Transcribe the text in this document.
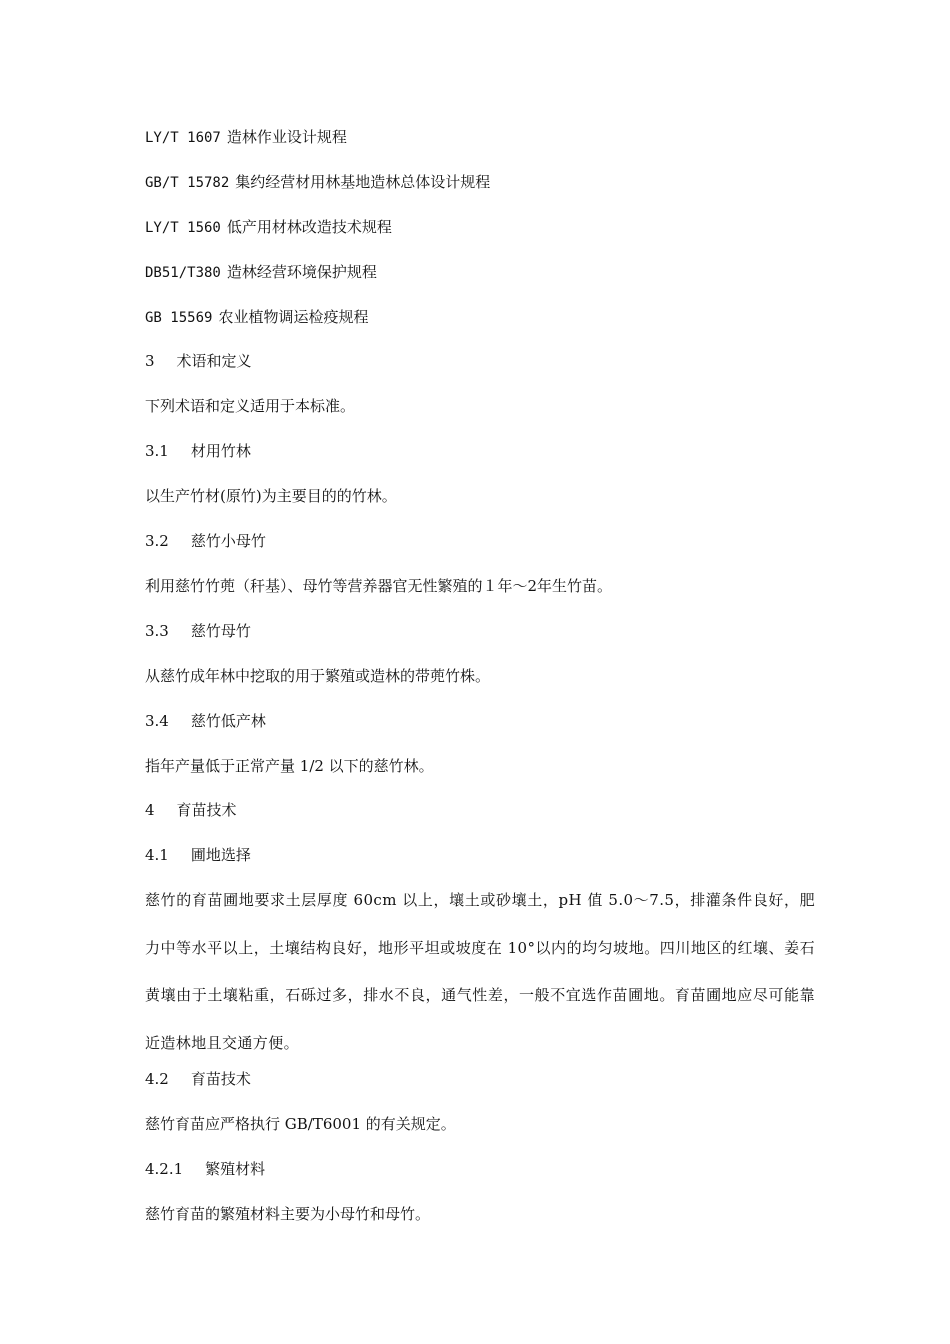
LY/T 1607 造林作业设计规程
GB/T 15782 集约经营材用林基地造林总体设计规程
LY/T 1560 低产用材林改造技术规程
DB51/T380 造林经营环境保护规程
GB 15569 农业植物调运检疫规程
3 术语和定义
下列术语和定义适用于本标准。
3.1 材用竹林
以生产竹材(原竹)为主要目的的竹林。
3.2 慈竹小母竹
利用慈竹竹蔸（秆基）、母竹等营养器官无性繁殖的１年～2年生竹苗。
3.3 慈竹母竹
从慈竹成年林中挖取的用于繁殖或造林的带蔸竹株。
3.4 慈竹低产林
指年产量低于正常产量 1/2 以下的慈竹林。
4 育苗技术
4.1 圃地选择
慈竹的育苗圃地要求土层厚度 60cm 以上，壤土或砂壤土，pH 值 5.0～7.5，排灌条件良好，肥力中等水平以上，土壤结构良好，地形平坦或坡度在 10°以内的均匀坡地。四川地区的红壤、姜石黄壤由于土壤粘重，石砾过多，排水不良，通气性差，一般不宜选作苗圃地。育苗圃地应尽可能靠近造林地且交通方便。
4.2 育苗技术
慈竹育苗应严格执行 GB/T6001 的有关规定。
4.2.1 繁殖材料
慈竹育苗的繁殖材料主要为小母竹和母竹。
